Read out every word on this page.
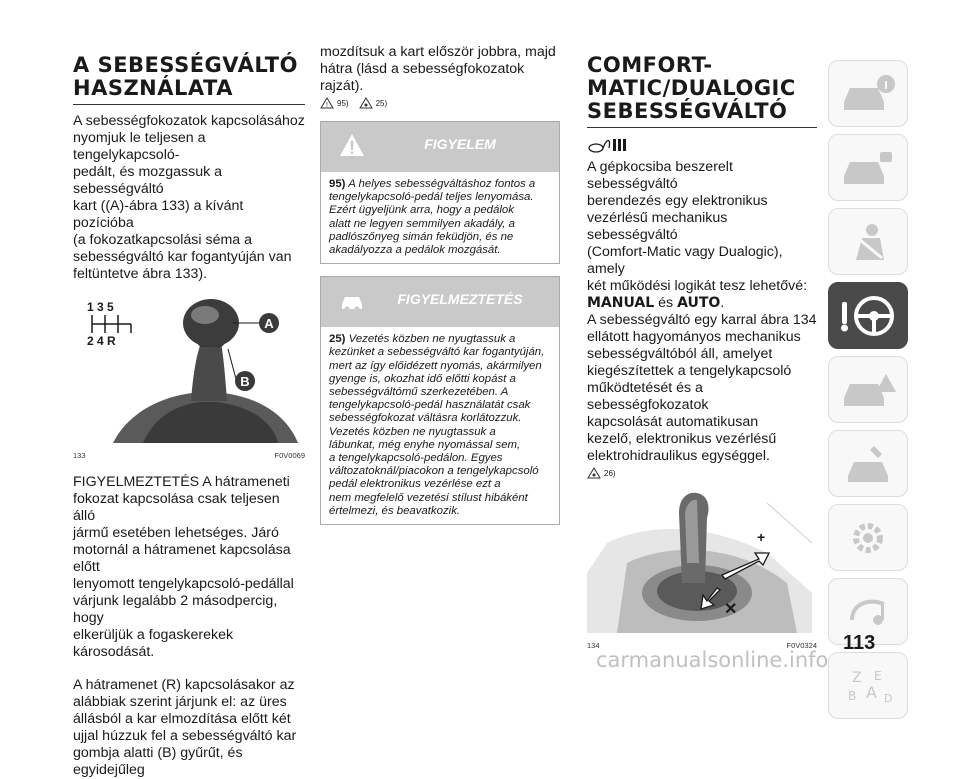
A SEBESSÉGVÁLTÓ HASZNÁLATA
A sebességfokozatok kapcsolásához
nyomjuk le teljesen a tengelykapcsoló-
pedált, és mozgassuk a sebességváltó
kart ((A)-ábra 133) a kívánt pozícióba
(a fokozatkapcsolási séma a
sebességváltó kar fogantyúján van
feltüntetve ábra 133).
1 3 5
2 4 R
A
B
133	F0V0069
FIGYELMEZTETÉS A hátrameneti
fokozat kapcsolása csak teljesen álló
jármű esetében lehetséges. Járó
motornál a hátramenet kapcsolása előtt
lenyomott tengelykapcsoló-pedállal
várjunk legalább 2 másodpercig, hogy
elkerüljük a fogaskerekek károsodását.
A hátramenet (R) kapcsolásakor az
alábbiak szerint járjunk el: az üres
állásból a kar elmozdítása előtt két
ujjal húzzuk fel a sebességváltó kar
gombja alatti (B) gyűrűt, és egyidejűleg
mozdítsuk a kart először jobbra, majd
hátra (lásd a sebességfokozatok rajzát).
! 95)	25)
FIGYELEM
95) A helyes sebességváltáshoz fontos a
tengelykapcsoló-pedál teljes lenyomása.
Ezért ügyeljünk arra, hogy a pedálok
alatt ne legyen semmilyen akadály, a
padlószőnyeg simán feküdjön, és ne
akadályozza a pedálok mozgását.
FIGYELMEZTETÉS
25) Vezetés közben ne nyugtassuk a
kezünket a sebességváltó kar fogantyúján,
mert az így előidézett nyomás, akármilyen
gyenge is, okozhat idő előtti kopást a
sebességváltómű szerkezetében. A
tengelykapcsoló-pedál használatát csak
sebességfokozat váltásra korlátozzuk.
Vezetés közben ne nyugtassuk a
lábunkat, még enyhe nyomással sem,
a tengelykapcsoló-pedálon. Egyes
változatoknál/piacokon a tengelykapcsoló
pedál elektronikus vezérlése ezt a
nem megfelelő vezetési stílust hibáként
értelmezi, és beavatkozik.
COMFORT-MATIC/DUALOGIC SEBESSÉGVÁLTÓ
A gépkocsiba beszerelt sebességváltó
berendezés egy elektronikus
vezérlésű mechanikus sebességváltó
(Comfort-Matic vagy Dualogic), amely
két működési logikát tesz lehetővé:
MANUAL és AUTO.
A sebességváltó egy karral ábra 134
ellátott hagyományos mechanikus
sebességváltóból áll, amelyet
kiegészítettek a tengelykapcsoló
működtetését és a sebességfokozatok
kapcsolását automatikusan
kezelő, elektronikus vezérlésű
elektrohidraulikus egységgel.
26)
+
✕
134	F0V0324
Z E
B A D
113
carmanualsonline.info
